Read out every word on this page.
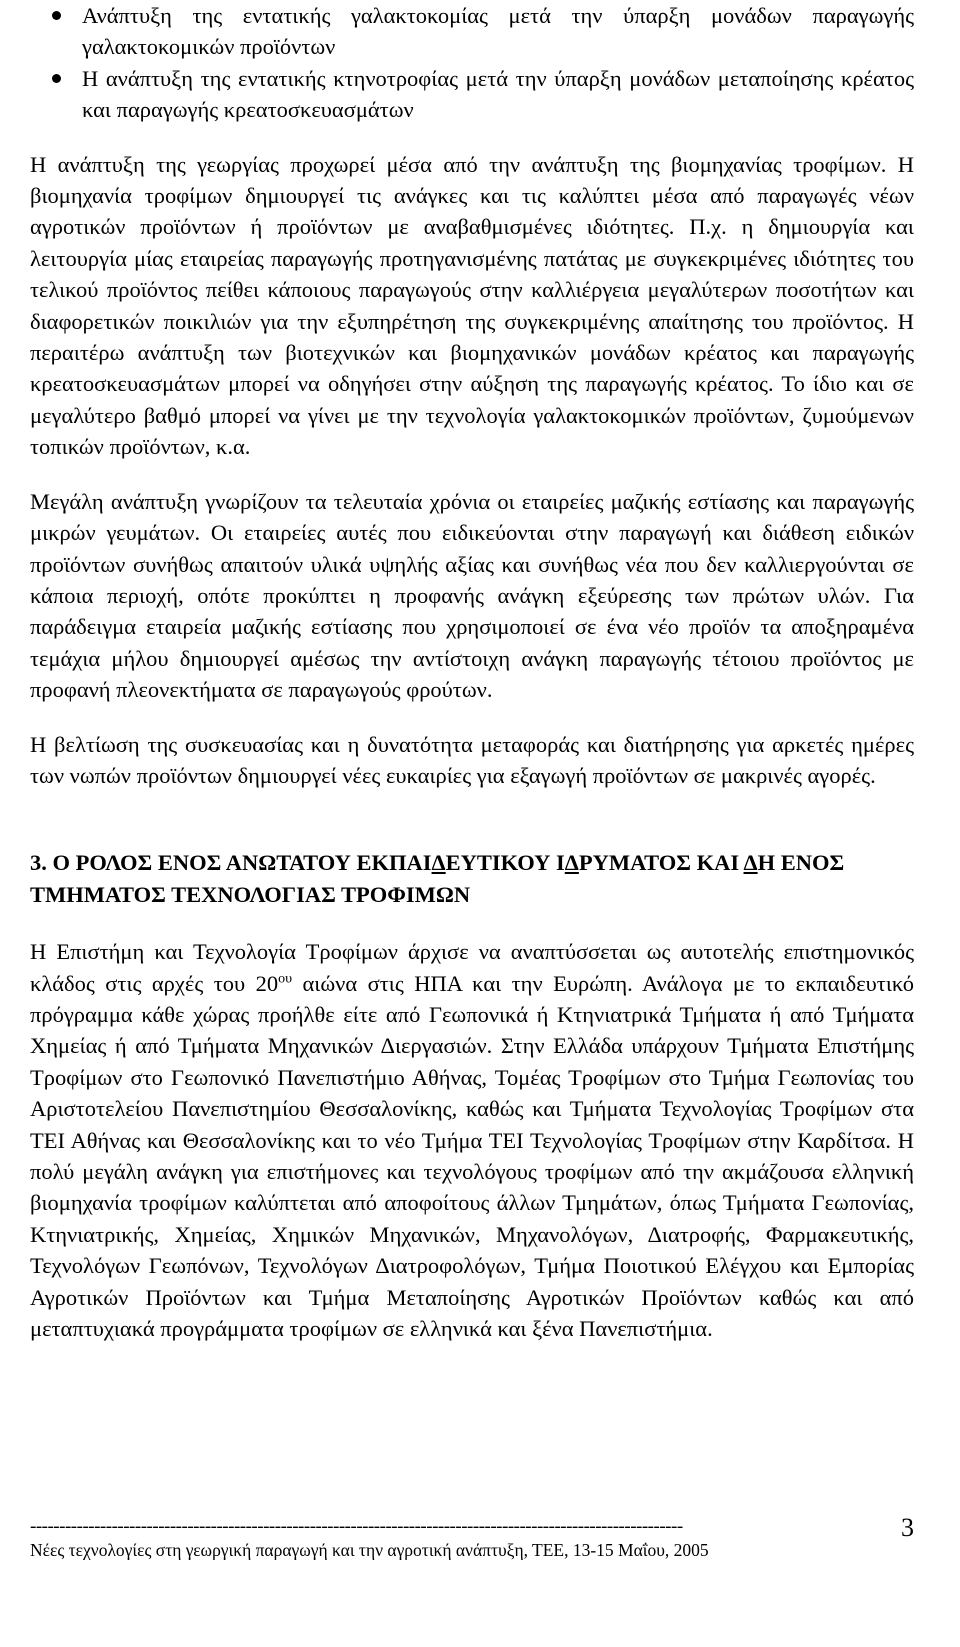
Ανάπτυξη της εντατικής γαλακτοκομίας μετά την ύπαρξη μονάδων παραγωγής γαλακτοκομικών προϊόντων
Η ανάπτυξη της εντατικής κτηνοτροφίας μετά την ύπαρξη μονάδων μεταποίησης κρέατος και παραγωγής κρεατοσκευασμάτων

Η ανάπτυξη της γεωργίας προχωρεί μέσα από την ανάπτυξη της βιομηχανίας τροφίμων. Η βιομηχανία τροφίμων δημιουργεί τις ανάγκες και τις καλύπτει μέσα από παραγωγές νέων αγροτικών προϊόντων ή προϊόντων με αναβαθμισμένες ιδιότητες. Π.χ. η δημιουργία και λειτουργία μίας εταιρείας παραγωγής προτηγανισμένης πατάτας με συγκεκριμένες ιδιότητες του τελικού προϊόντος πείθει κάποιους παραγωγούς στην καλλιέργεια μεγαλύτερων ποσοτήτων και διαφορετικών ποικιλιών για την εξυπηρέτηση της συγκεκριμένης απαίτησης του προϊόντος. Η περαιτέρω ανάπτυξη των βιοτεχνικών και βιομηχανικών μονάδων κρέατος και παραγωγής κρεατοσκευασμάτων μπορεί να οδηγήσει στην αύξηση της παραγωγής κρέατος. Το ίδιο και σε μεγαλύτερο βαθμό μπορεί να γίνει με την τεχνολογία γαλακτοκομικών προϊόντων, ζυμούμενων τοπικών προϊόντων, κ.α.

Μεγάλη ανάπτυξη γνωρίζουν τα τελευταία χρόνια οι εταιρείες μαζικής εστίασης και παραγωγής μικρών γευμάτων. Οι εταιρείες αυτές που ειδικεύονται στην παραγωγή και διάθεση ειδικών προϊόντων συνήθως απαιτούν υλικά υψηλής αξίας και συνήθως νέα που δεν καλλιεργούνται σε κάποια περιοχή, οπότε προκύπτει η προφανής ανάγκη εξεύρεσης των πρώτων υλών. Για παράδειγμα εταιρεία μαζικής εστίασης που χρησιμοποιεί σε ένα νέο προϊόν τα αποξηραμένα τεμάχια μήλου δημιουργεί αμέσως την αντίστοιχη ανάγκη παραγωγής τέτοιου προϊόντος με προφανή πλεονεκτήματα σε παραγωγούς φρούτων.

Η βελτίωση της συσκευασίας και η δυνατότητα μεταφοράς και διατήρησης για αρκετές ημέρες των νωπών προϊόντων δημιουργεί νέες ευκαιρίες για εξαγωγή προϊόντων σε μακρινές αγορές.

3. Ο ΡΟΛΟΣ ΕΝΟΣ ΑΝΩΤΑΤΟΥ ΕΚΠΑΙΔΕΥΤΙΚΟΥ ΙΔΡΥΜΑΤΟΣ ΚΑΙ ΔΗ ΕΝΟΣ ΤΜΗΜΑΤΟΣ ΤΕΧΝΟΛΟΓΙΑΣ ΤΡΟΦΙΜΩΝ

Η Επιστήμη και Τεχνολογία Τροφίμων άρχισε να αναπτύσσεται ως αυτοτελής επιστημονικός κλάδος στις αρχές του $20^{o\upsilon}$ αιώνα στις ΗΠΑ και την Ευρώπη. Ανάλογα με το εκπαιδευτικό πρόγραμμα κάθε χώρας προήλθε είτε από Γεωπονικά ή Κτηνιατρικά Τμήματα ή από Τμήματα Χημείας ή από Τμήματα Μηχανικών Διεργασιών. Στην Ελλάδα υπάρχουν Τμήματα Επιστήμης Τροφίμων στο Γεωπονικό Πανεπιστήμιο Αθήνας, Τομέας Τροφίμων στο Τμήμα Γεωπονίας του Αριστοτελείου Πανεπιστημίου Θεσσαλονίκης, καθώς και Τμήματα Τεχνολογίας Τροφίμων στα ΤΕΙ Αθήνας και Θεσσαλονίκης και το νέο Τμήμα ΤΕΙ Τεχνολογίας Τροφίμων στην Καρδίτσα. Η πολύ μεγάλη ανάγκη για επιστήμονες και τεχνολόγους τροφίμων από την ακμάζουσα ελληνική βιομηχανία τροφίμων καλύπτεται από αποφοίτους άλλων Τμημάτων, όπως Τμήματα Γεωπονίας, Κτηνιατρικής, Χημείας, Χημικών Μηχανικών, Μηχανολόγων, Διατροφής, Φαρμακευτικής, Τεχνολόγων Γεωπόνων, Τεχνολόγων Διατροφολόγων, Τμήμα Ποιοτικού Ελέγχου και Εμπορίας Αγροτικών Προϊόντων και Τμήμα Μεταποίησης Αγροτικών Προϊόντων καθώς και από μεταπτυχιακά προγράμματα τροφίμων σε ελληνικά και ξένα Πανεπιστήμια.

----------------------------------------------------------------------------------------------------------------	3
Νέες τεχνολογίες στη γεωργική παραγωγή και την αγροτική ανάπτυξη, ΤΕΕ, 13-15 Μαΐου, 2005
